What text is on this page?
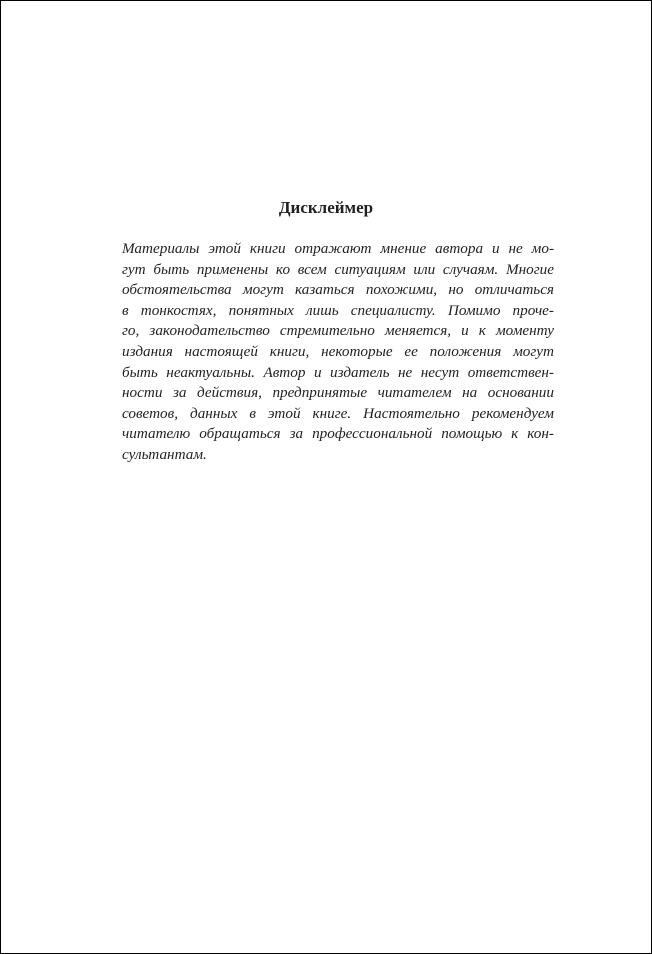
Дисклеймер
Материалы этой книги отражают мнение автора и не мо-
гут быть применены ко всем ситуациям или случаям. Многие
обстоятельства могут казаться похожими, но отличаться
в тонкостях, понятных лишь специалисту. Помимо проче-
го, законодательство стремительно меняется, и к моменту
издания настоящей книги, некоторые ее положения могут
быть неактуальны. Автор и издатель не несут ответствен-
ности за действия, предпринятые читателем на основании
советов, данных в этой книге. Настоятельно рекомендуем
читателю обращаться за профессиональной помощью к кон-
сультантам.
